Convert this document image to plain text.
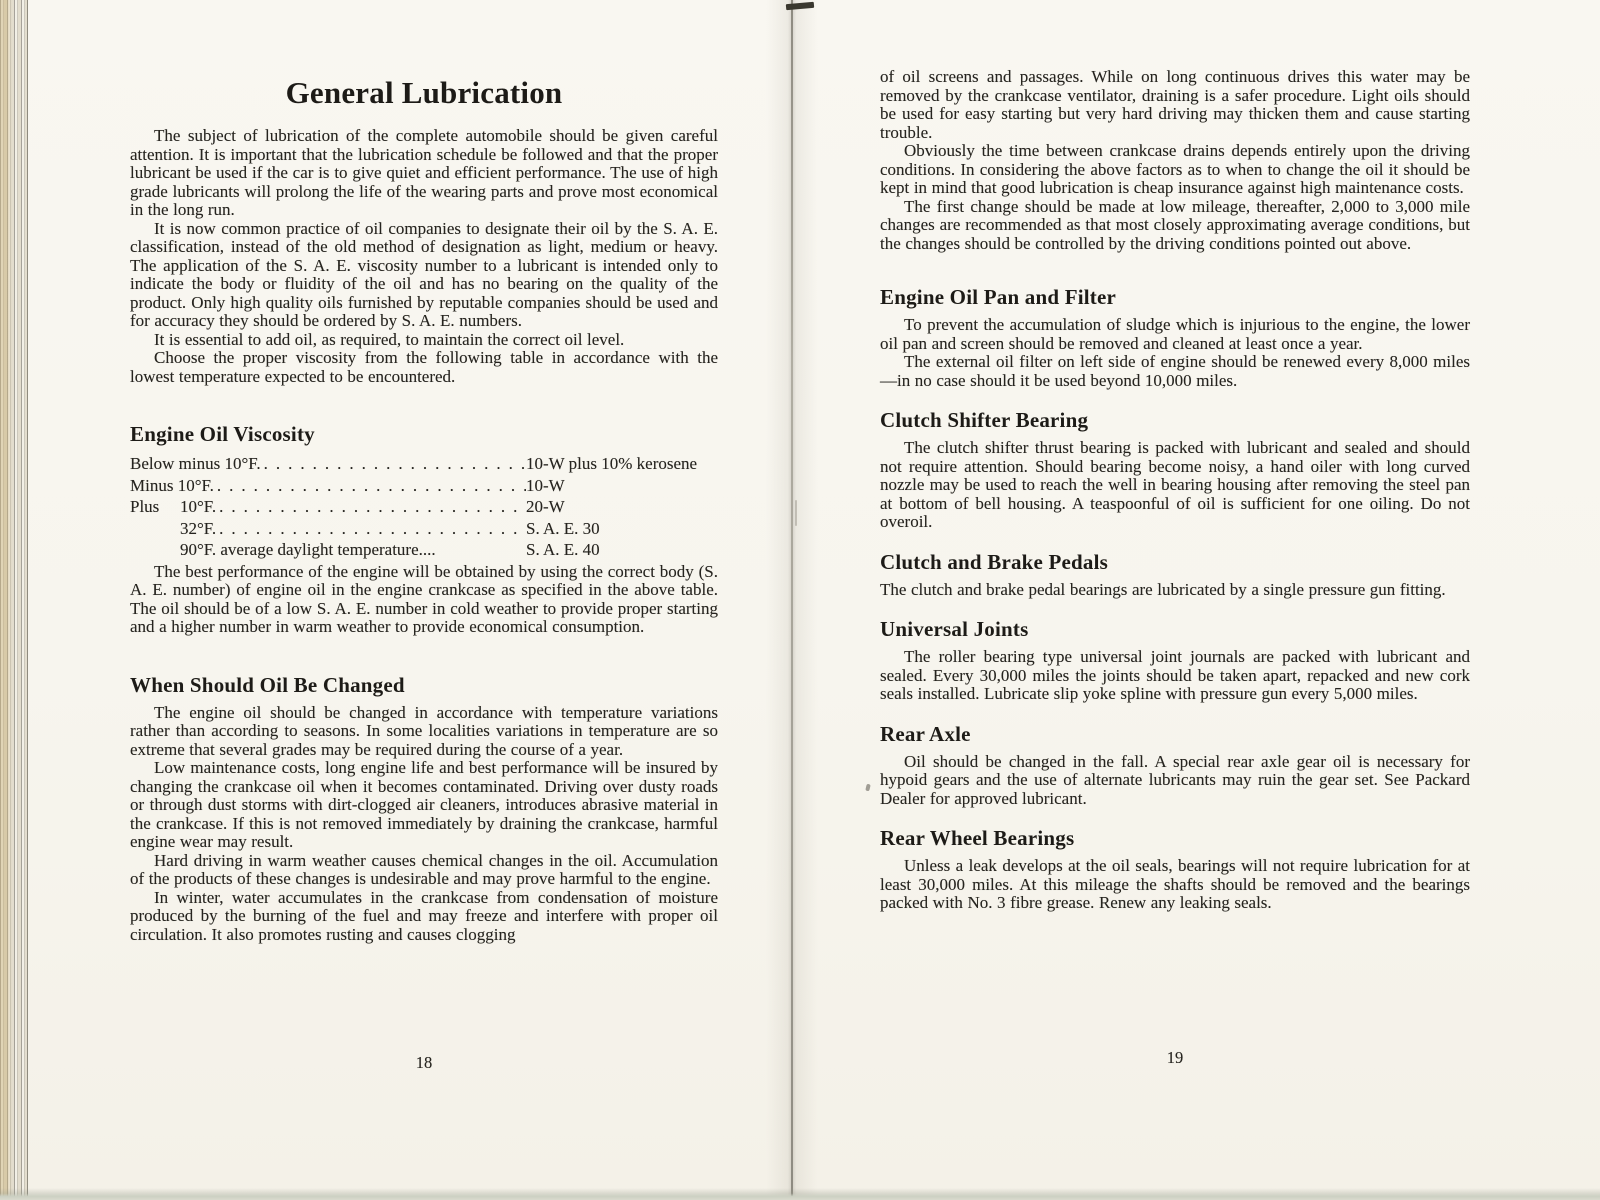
General Lubrication

The subject of lubrication of the complete automobile should be given careful attention. It is important that the lubrication schedule be followed and that the proper lubricant be used if the car is to give quiet and efficient performance. The use of high grade lubricants will prolong the life of the wearing parts and prove most economical in the long run.

It is now common practice of oil companies to designate their oil by the S. A. E. classification, instead of the old method of designation as light, medium or heavy. The application of the S. A. E. viscosity number to a lubricant is intended only to indicate the body or fluidity of the oil and has no bearing on the quality of the product. Only high quality oils furnished by reputable companies should be used and for accuracy they should be ordered by S. A. E. numbers.

It is essential to add oil, as required, to maintain the correct oil level.

Choose the proper viscosity from the following table in accordance with the lowest temperature expected to be encountered.

Engine Oil Viscosity
Below minus 10°F. .....	10-W plus 10% kerosene
Minus 10°F. .....	10-W
Plus 10°F. .....	20-W
32°F. .....	S. A. E. 30
90°F. average daylight temperature....	S. A. E. 40

The best performance of the engine will be obtained by using the correct body (S. A. E. number) of engine oil in the engine crankcase as specified in the above table. The oil should be of a low S. A. E. number in cold weather to provide proper starting and a higher number in warm weather to provide economical consumption.

When Should Oil Be Changed

The engine oil should be changed in accordance with temperature variations rather than according to seasons. In some localities variations in temperature are so extreme that several grades may be required during the course of a year.

Low maintenance costs, long engine life and best performance will be insured by changing the crankcase oil when it becomes contaminated. Driving over dusty roads or through dust storms with dirt-clogged air cleaners, introduces abrasive material in the crankcase. If this is not removed immediately by draining the crankcase, harmful engine wear may result.

Hard driving in warm weather causes chemical changes in the oil. Accumulation of the products of these changes is undesirable and may prove harmful to the engine.

In winter, water accumulates in the crankcase from condensation of moisture produced by the burning of the fuel and may freeze and interfere with proper oil circulation. It also promotes rusting and causes clogging

18

of oil screens and passages. While on long continuous drives this water may be removed by the crankcase ventilator, draining is a safer procedure. Light oils should be used for easy starting but very hard driving may thicken them and cause starting trouble.

Obviously the time between crankcase drains depends entirely upon the driving conditions. In considering the above factors as to when to change the oil it should be kept in mind that good lubrication is cheap insurance against high maintenance costs.

The first change should be made at low mileage, thereafter, 2,000 to 3,000 mile changes are recommended as that most closely approximating average conditions, but the changes should be controlled by the driving conditions pointed out above.

Engine Oil Pan and Filter

To prevent the accumulation of sludge which is injurious to the engine, the lower oil pan and screen should be removed and cleaned at least once a year.

The external oil filter on left side of engine should be renewed every 8,000 miles—in no case should it be used beyond 10,000 miles.

Clutch Shifter Bearing

The clutch shifter thrust bearing is packed with lubricant and sealed and should not require attention. Should bearing become noisy, a hand oiler with long curved nozzle may be used to reach the well in bearing housing after removing the steel pan at bottom of bell housing. A teaspoonful of oil is sufficient for one oiling. Do not overoil.

Clutch and Brake Pedals

The clutch and brake pedal bearings are lubricated by a single pressure gun fitting.

Universal Joints

The roller bearing type universal joint journals are packed with lubricant and sealed. Every 30,000 miles the joints should be taken apart, repacked and new cork seals installed. Lubricate slip yoke spline with pressure gun every 5,000 miles.

Rear Axle

Oil should be changed in the fall. A special rear axle gear oil is necessary for hypoid gears and the use of alternate lubricants may ruin the gear set. See Packard Dealer for approved lubricant.

Rear Wheel Bearings

Unless a leak develops at the oil seals, bearings will not require lubrication for at least 30,000 miles. At this mileage the shafts should be removed and the bearings packed with No. 3 fibre grease. Renew any leaking seals.

19
